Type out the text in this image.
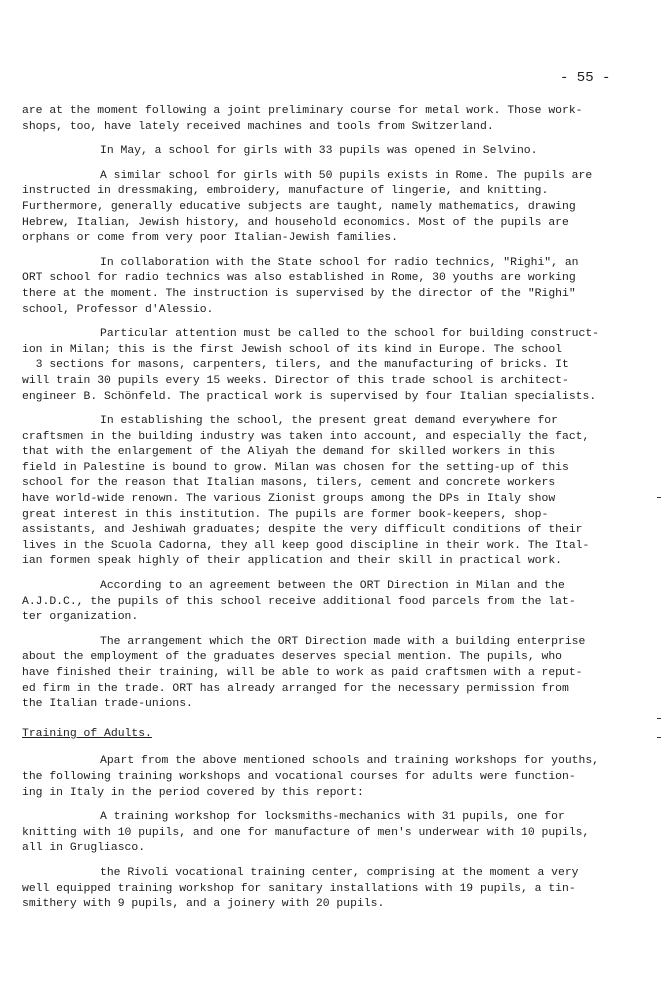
- 55 -
are at the moment following a joint preliminary course for metal work. Those work-
shops, too, have lately received machines and tools from Switzerland.
In May, a school for girls with 33 pupils was opened in Selvino.
A similar school for girls with 50 pupils exists in Rome. The pupils are
instructed in dressmaking, embroidery, manufacture of lingerie, and knitting.
Furthermore, generally educative subjects are taught, namely mathematics, drawing
Hebrew, Italian, Jewish history, and household economics. Most of the pupils are
orphans or come from very poor Italian-Jewish families.
In collaboration with the State school for radio technics, "Righi", an
ORT school for radio technics was also established in Rome, 30 youths are working
there at the moment. The instruction is supervised by the director of the "Righi"
school, Professor d'Alessio.
Particular attention must be called to the school for building construct-
ion in Milan; this is the first Jewish school of its kind in Europe. The school
3 sections for masons, carpenters, tilers, and the manufacturing of bricks. It
will train 30 pupils every 15 weeks. Director of this trade school is architect-
engineer B. Schönfeld. The practical work is supervised by four Italian specialists.
In establishing the school, the present great demand everywhere for
craftsmen in the building industry was taken into account, and especially the fact,
that with the enlargement of the Aliyah the demand for skilled workers in this
field in Palestine is bound to grow. Milan was chosen for the setting-up of this
school for the reason that Italian masons, tilers, cement and concrete workers
have world-wide renown. The various Zionist groups among the DPs in Italy show
great interest in this institution. The pupils are former book-keepers, shop-
assistants, and Jeshiwah graduates; despite the very difficult conditions of their
lives in the Scuola Cadorna, they all keep good discipline in their work. The Ital-
ian formen speak highly of their application and their skill in practical work.
According to an agreement between the ORT Direction in Milan and the
A.J.D.C., the pupils of this school receive additional food parcels from the lat-
ter organization.
The arrangement which the ORT Direction made with a building enterprise
about the employment of the graduates deserves special mention. The pupils, who
have finished their training, will be able to work as paid craftsmen with a reput-
ed firm in the trade. ORT has already arranged for the necessary permission from
the Italian trade-unions.
Training of Adults.
Apart from the above mentioned schools and training workshops for youths,
the following training workshops and vocational courses for adults were function-
ing in Italy in the period covered by this report:
A training workshop for locksmiths-mechanics with 31 pupils, one for
knitting with 10 pupils, and one for manufacture of men's underwear with 10 pupils,
all in Grugliasco.
the Rivoli vocational training center, comprising at the moment a very
well equipped training workshop for sanitary installations with 19 pupils, a tin-
smithery with 9 pupils, and a joinery with 20 pupils.
